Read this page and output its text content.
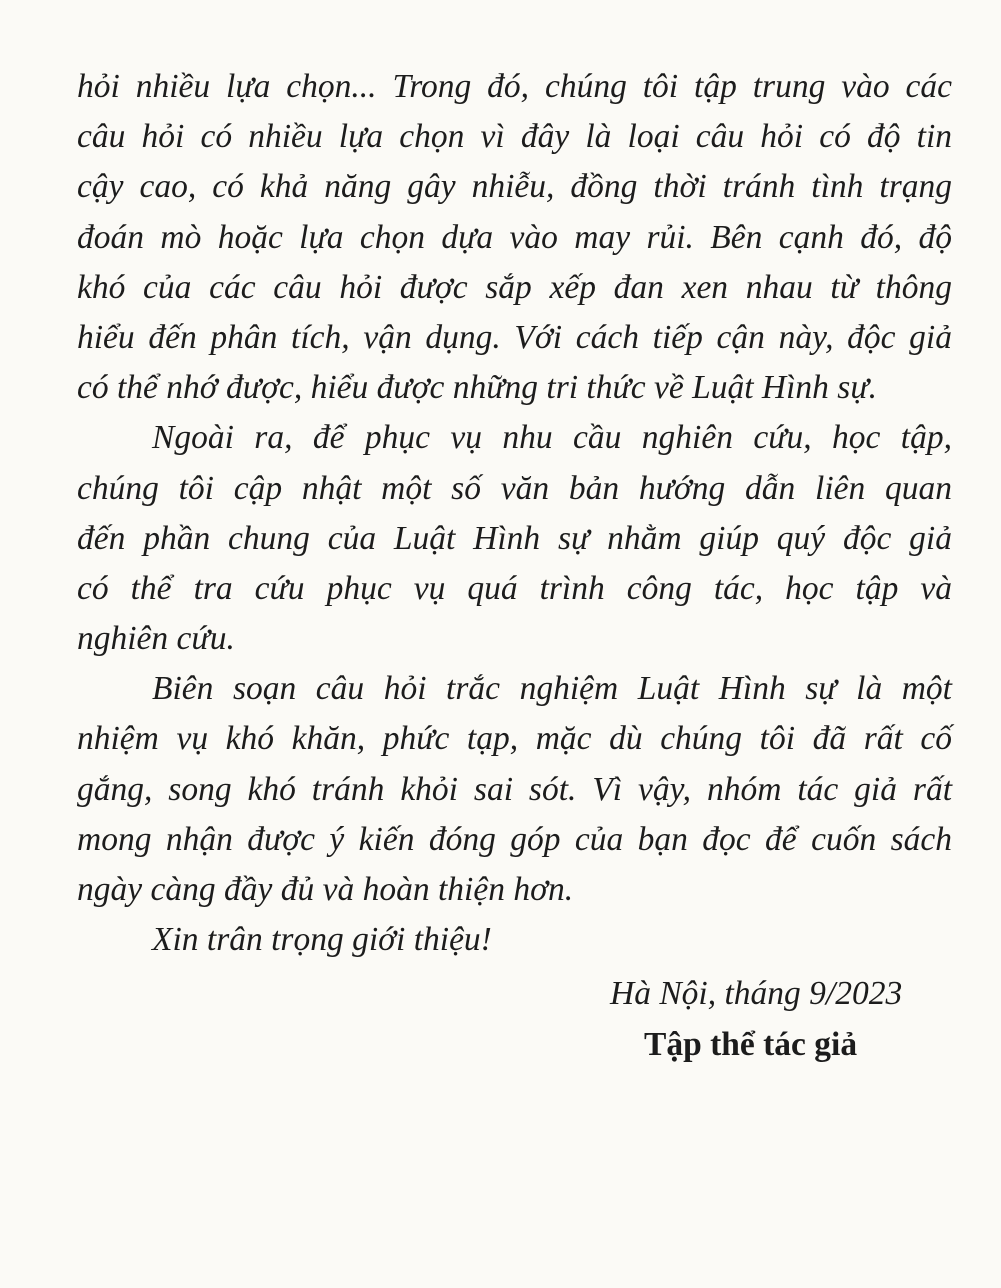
hỏi nhiều lựa chọn... Trong đó, chúng tôi tập trung vào các
câu hỏi có nhiều lựa chọn vì đây là loại câu hỏi có độ tin
cậy cao, có khả năng gây nhiễu, đồng thời tránh tình trạng
đoán mò hoặc lựa chọn dựa vào may rủi. Bên cạnh đó, độ
khó của các câu hỏi được sắp xếp đan xen nhau từ thông
hiểu đến phân tích, vận dụng. Với cách tiếp cận này, độc giả
có thể nhớ được, hiểu được những tri thức về Luật Hình sự.
Ngoài ra, để phục vụ nhu cầu nghiên cứu, học tập,
chúng tôi cập nhật một số văn bản hướng dẫn liên quan
đến phần chung của Luật Hình sự nhằm giúp quý độc giả
có thể tra cứu phục vụ quá trình công tác, học tập và
nghiên cứu.
Biên soạn câu hỏi trắc nghiệm Luật Hình sự là một
nhiệm vụ khó khăn, phức tạp, mặc dù chúng tôi đã rất cố
gắng, song khó tránh khỏi sai sót. Vì vậy, nhóm tác giả rất
mong nhận được ý kiến đóng góp của bạn đọc để cuốn sách
ngày càng đầy đủ và hoàn thiện hơn.
Xin trân trọng giới thiệu!
Hà Nội, tháng 9/2023
Tập thể tác giả
